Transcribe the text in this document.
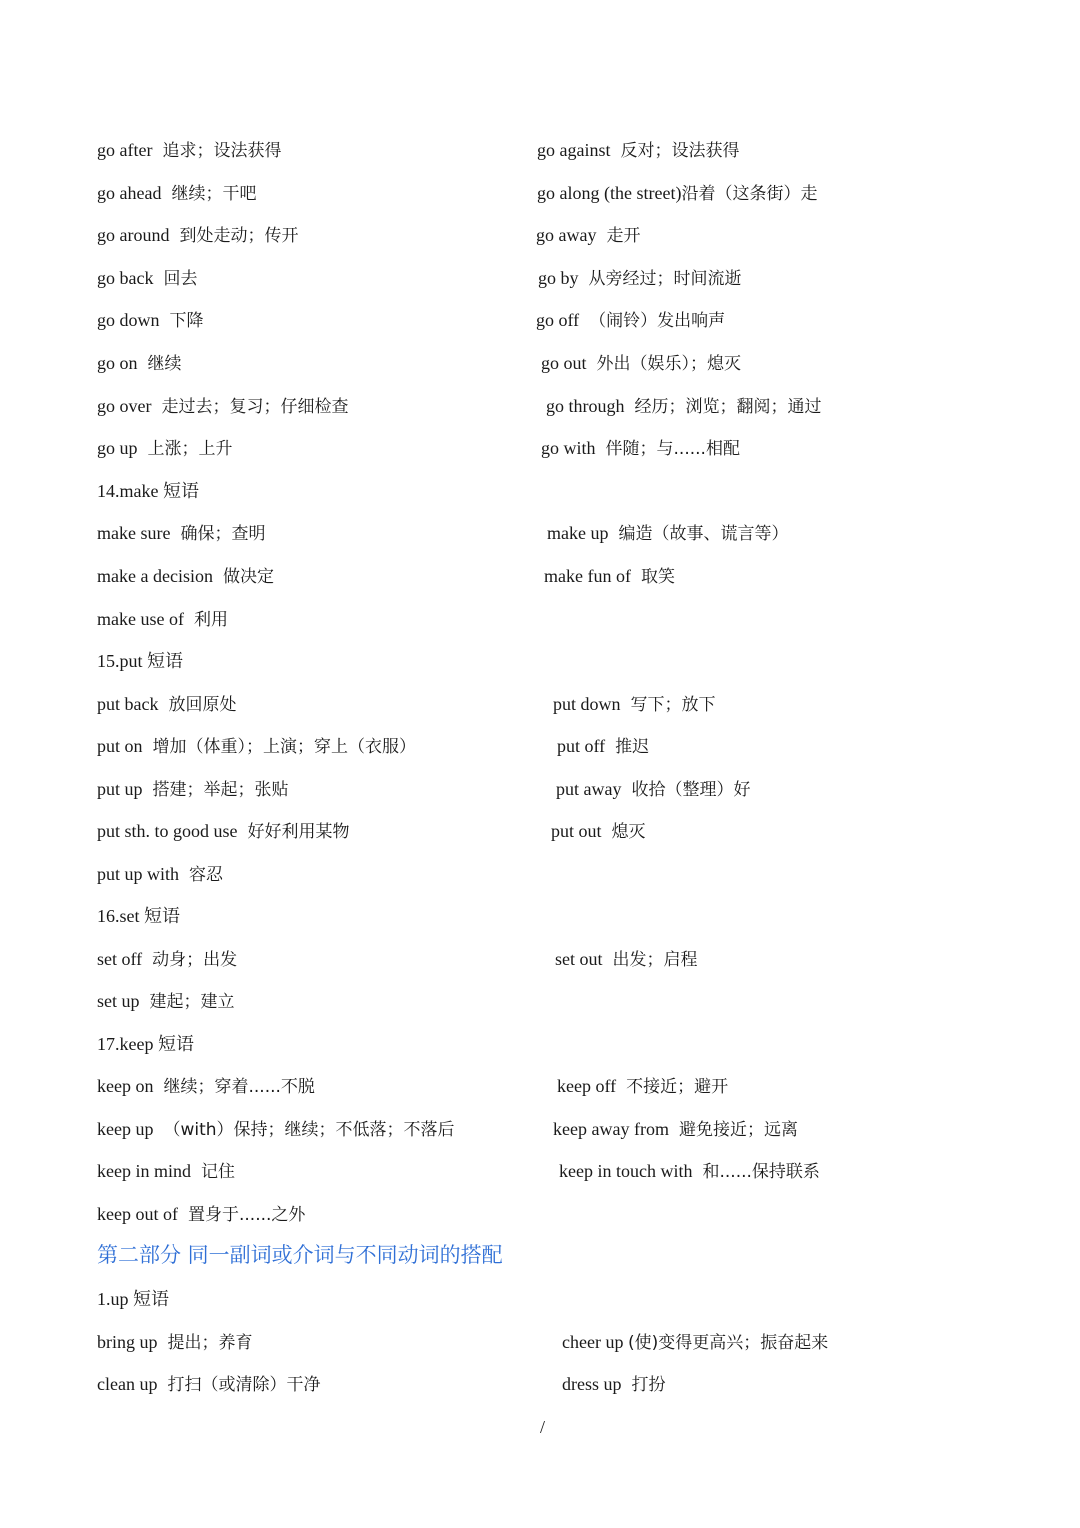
go after 追求；设法获得	go against 反对；设法获得
go ahead 继续；干吧	go along (the street)沿着（这条街）走
go around 到处走动；传开	go away 走开
go back 回去	go by 从旁经过；时间流逝
go down 下降	go off （闹铃）发出响声
go on 继续	go out 外出（娱乐）；熄灭
go over 走过去；复习；仔细检查	go through 经历；浏览；翻阅；通过
go up 上涨；上升	go with 伴随；与......相配
14.make 短语
make sure 确保；查明	make up 编造（故事、谎言等）
make a decision 做决定	make fun of 取笑
make use of 利用
15.put 短语
put back 放回原处	put down 写下；放下
put on 增加（体重）；上演；穿上（衣服）	put off 推迟
put up 搭建；举起；张贴	put away 收拾（整理）好
put sth. to good use 好好利用某物	put out 熄灭
put up with 容忍
16.set 短语
set off 动身；出发	set out 出发；启程
set up 建起；建立
17.keep 短语
keep on 继续；穿着......不脱	keep off 不接近；避开
keep up （with）保持；继续；不低落；不落后	keep away from 避免接近；远离
keep in mind 记住	keep in touch with 和......保持联系
keep out of 置身于......之外
第二部分 同一副词或介词与不同动词的搭配
1.up 短语
bring up 提出；养育	cheer up (使)变得更高兴；振奋起来
clean up 打扫（或清除）干净	dress up 打扮
/
